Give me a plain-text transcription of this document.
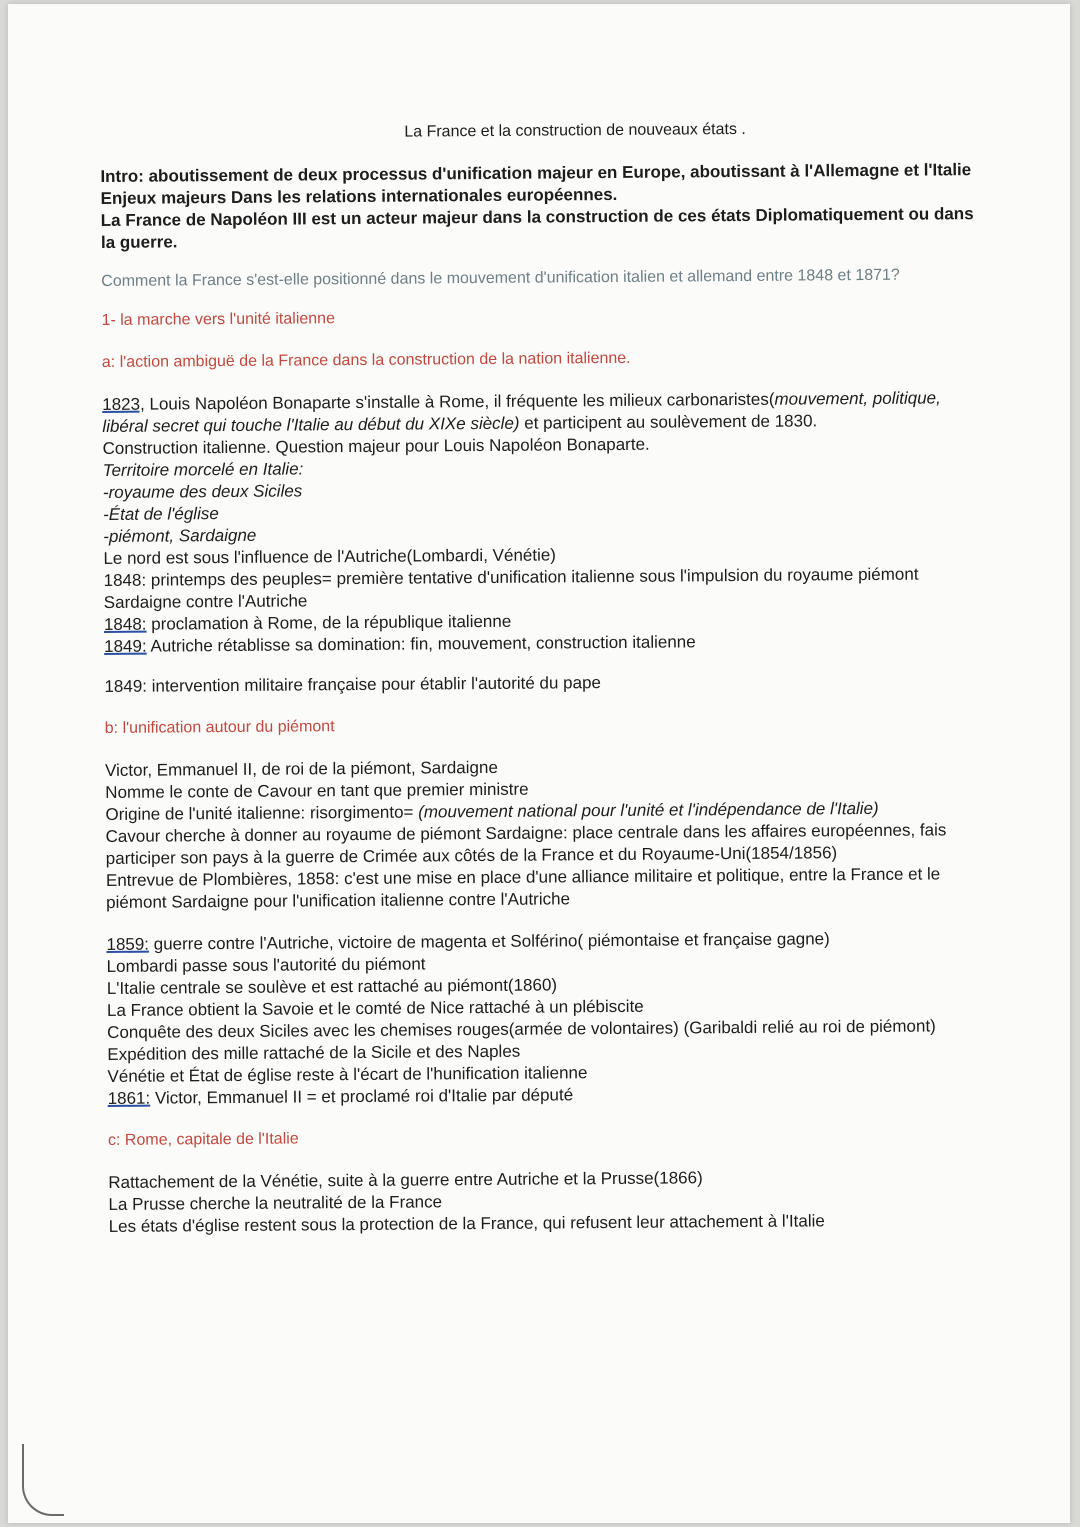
La France et la construction de nouveaux états .
Intro: aboutissement de deux processus d'unification majeur en Europe, aboutissant à l'Allemagne et l'Italie
Enjeux majeurs Dans les relations internationales européennes.
La France de Napoléon III est un acteur majeur dans la construction de ces états Diplomatiquement ou dans la guerre.
Comment la France s'est-elle positionné dans le mouvement d'unification italien et allemand entre 1848 et 1871?
1- la marche vers l'unité italienne
a: l'action ambiguë de la France dans la construction de la nation italienne.
1823, Louis Napoléon Bonaparte s'installe à Rome, il fréquente les milieux carbonaristes(mouvement, politique, libéral secret qui touche l'Italie au début du XIXe siècle) et participent au soulèvement de 1830.
Construction italienne. Question majeur pour Louis Napoléon Bonaparte.
Territoire morcelé en Italie:
-royaume des deux Siciles
-État de l'église
-piémont, Sardaigne
Le nord est sous l'influence de l'Autriche(Lombardi, Vénétie)
1848: printemps des peuples= première tentative d'unification italienne sous l'impulsion du royaume piémont Sardaigne contre l'Autriche
1848: proclamation à Rome, de la république italienne
1849: Autriche rétablisse sa domination: fin, mouvement, construction italienne
1849: intervention militaire française pour établir l'autorité du pape
b: l'unification autour du piémont
Victor, Emmanuel II, de roi de la piémont, Sardaigne
Nomme le conte de Cavour en tant que premier ministre
Origine de l'unité italienne: risorgimento= (mouvement national pour l'unité et l'indépendance de l'Italie)
Cavour cherche à donner au royaume de piémont Sardaigne: place centrale dans les affaires européennes, fais participer son pays à la guerre de Crimée aux côtés de la France et du Royaume-Uni(1854/1856)
Entrevue de Plombières, 1858: c'est une mise en place d'une alliance militaire et politique, entre la France et le piémont Sardaigne pour l'unification italienne contre l'Autriche
1859: guerre contre l'Autriche, victoire de magenta et Solférino( piémontaise et française gagne)
Lombardi passe sous l'autorité du piémont
L'Italie centrale se soulève et est rattaché au piémont(1860)
La France obtient la Savoie et le comté de Nice rattaché à un plébiscite
Conquête des deux Siciles avec les chemises rouges(armée de volontaires) (Garibaldi relié au roi de piémont)
Expédition des mille rattaché de la Sicile et des Naples
Vénétie et État de église reste à l'écart de l'hunification italienne
1861: Victor, Emmanuel II = et proclamé roi d'Italie par député
c: Rome, capitale de l'Italie
Rattachement de la Vénétie, suite à la guerre entre Autriche et la Prusse(1866)
La Prusse cherche la neutralité de la France
Les états d'église restent sous la protection de la France, qui refusent leur attachement à l'Italie
